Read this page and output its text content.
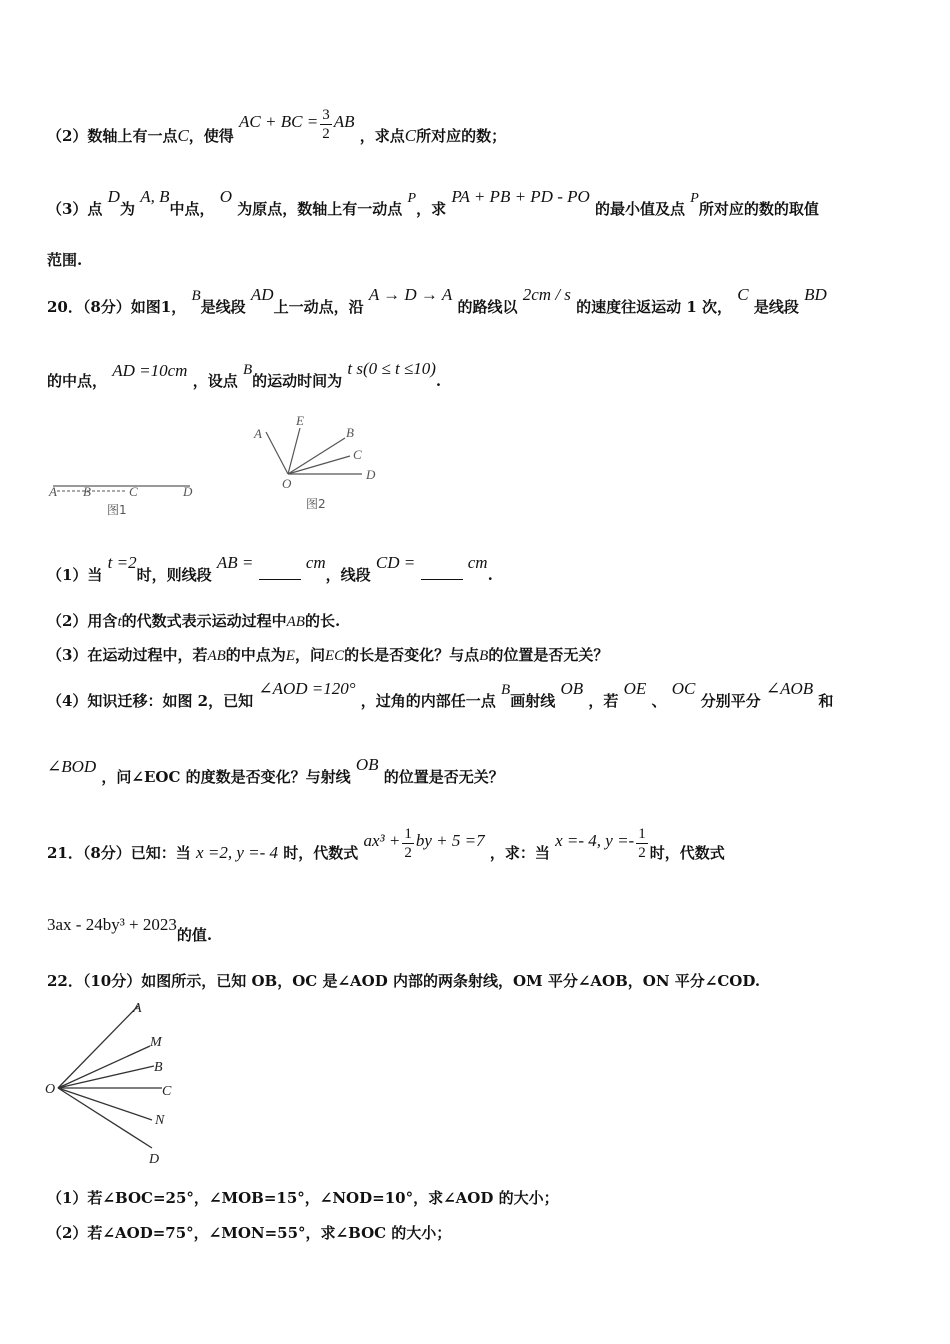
（2）数轴上有一点C，使得 AC + BC = $\frac{3}{2}$ AB ，求点C所对应的数；
（3）点 D为 A, B中点， O 为原点，数轴上有一动点 P，求 PA + PB + PD - PO 的最小值及点 P所对应的数的取值
范围.
20．（8分）如图1， B是线段 AD上一动点，沿 A → D → A 的路线以 2cm / s 的速度往返运动 1 次， C 是线段 BD
的中点， AD =10cm ，设点 B的运动时间为 t s(0 ≤ t ≤10).
A B	C	D
图1
A
E
B
C
D
O
图2
（1）当 t =2时，则线段 AB =	cm，线段 CD =	cm.
（2）用含t的代数式表示运动过程中AB的长.
（3）在运动过程中，若AB的中点为E，问EC的长是否变化？与点B的位置是否无关？
（4）知识迁移：如图 2，已知 ∠AOD =120° ，过角的内部任一点 B画射线 OB ，若 OE 、 OC 分别平分 ∠AOB 和
∠BOD ，问∠EOC 的度数是否变化？与射线 OB 的位置是否无关？
21．（8分）已知：当 x =2, y =- 4 时，代数式 $ax^3 + \frac{1}{2}$ by + 5 =7 ，求：当 x =- 4, $y =- \frac{1}{2}$ 时，代数式
3ax - 24by³ + 2023的值.
22．（10分）如图所示，已知 OB，OC 是∠AOD 内部的两条射线，OM 平分∠AOB，ON 平分∠COD.
A
M
B
C
N
D
O
（1）若∠BOC=25°，∠MOB=15°，∠NOD=10°，求∠AOD 的大小；
（2）若∠AOD=75°，∠MON=55°，求∠BOC 的大小；
